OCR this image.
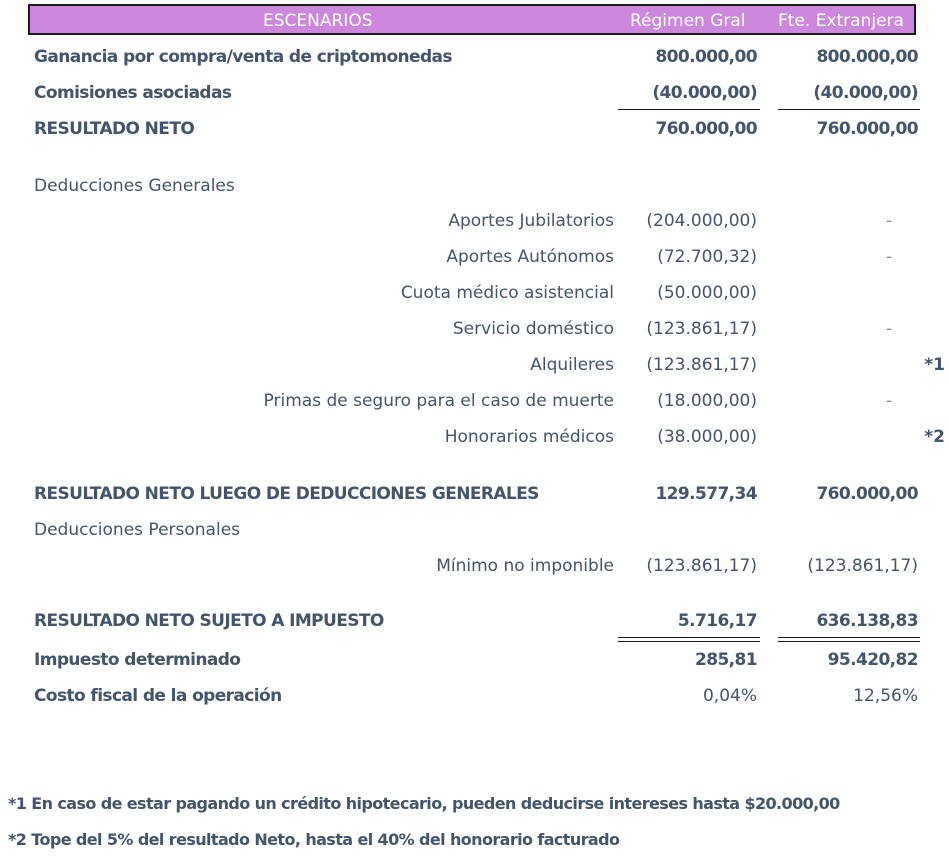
ESCENARIOS	Régimen Gral Fte. Extranjera
Ganancia por compra/venta de criptomonedas	800.000,00	800.000,00
Comisiones asociadas	(40.000,00)	(40.000,00)
RESULTADO NETO	760.000,00	760.000,00
Deducciones Generales
Aportes Jubilatorios (204.000,00)	-
Aportes Autónomos	(72.700,32)	-
Cuota médico asistencial	(50.000,00)
Servicio doméstico (123.861,17)	-
Alquileres (123.861,17)	*1
Primas de seguro para el caso de muerte	(18.000,00)	-
Honorarios médicos	(38.000,00)	*2
RESULTADO NETO LUEGO DE DEDUCCIONES GENERALES	129.577,34	760.000,00
Deducciones Personales
Mínimo no imponible (123.861,17)	(123.861,17)
RESULTADO NETO SUJETO A IMPUESTO	5.716,17	636.138,83
Impuesto determinado	285,81	95.420,82
Costo fiscal de la operación	0,04%	12,56%
*1 En caso de estar pagando un crédito hipotecario, pueden deducirse intereses hasta $20.000,00
*2 Tope del 5% del resultado Neto, hasta el 40% del honorario facturado
